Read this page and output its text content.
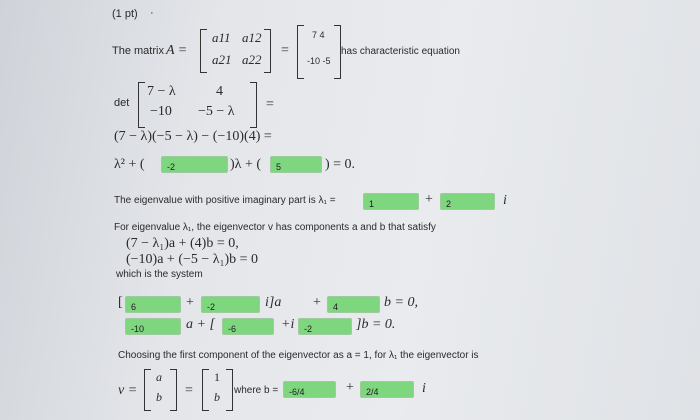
(1 pt) ·
The matrix A =
a11 a12
a21 a22
=
7 4
-10 -5
has characteristic equation
det
7 − λ	4
−10 −5 − λ =
(7 − λ)(−5 − λ) − (−10)(4) =
λ² + (
-2	)λ + (
5	) = 0.
The eigenvalue with positive imaginary part is λ₁ =
1	+
2	i
For eigenvalue λ₁, the eigenvector v has components a and b that satisfy
(7 − λ₁)a + (4)b = 0,
(−10)a + (−5 − λ₁)b = 0
which is the system
[
6	+
-2	i]a +
4	b = 0,
-10
a + [
-6	+i
-2	]b = 0.
Choosing the first component of the eigenvector as a = 1, for λ₁ the eigenvector is
v =
a
b =
1
b where b =
-6/4	+
2/4	i
